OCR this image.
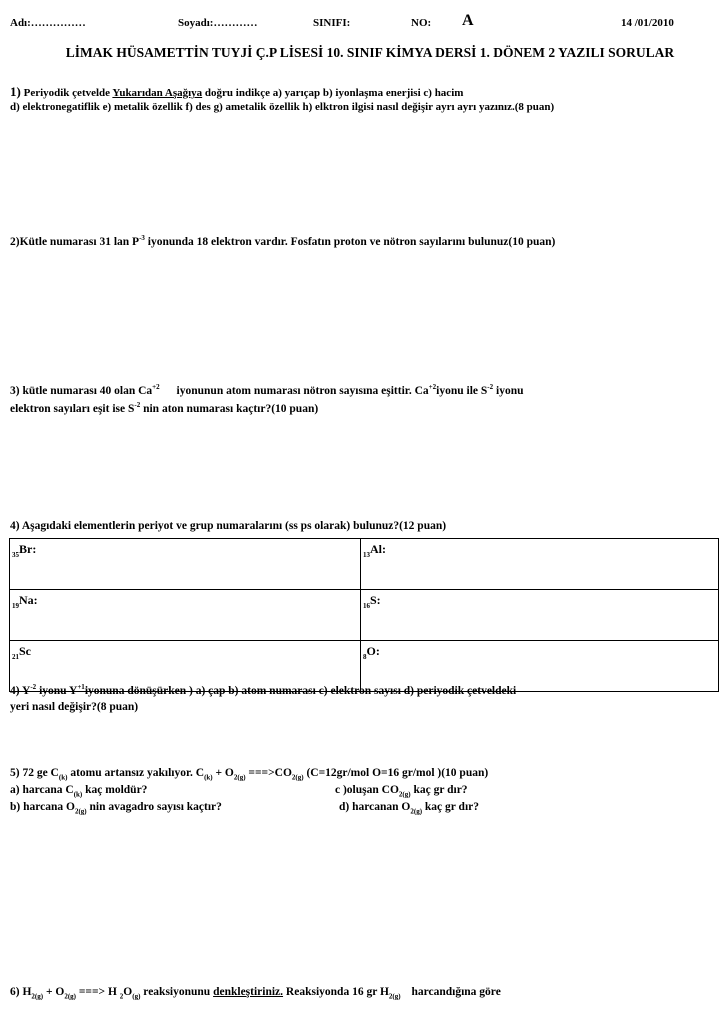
Adı:……………	Soyadı:…………	SINIFI:	NO: A	14 /01/2010
LİMAK HÜSAMETTİN TUYJİ Ç.P LİSESİ 10. SINIF KİMYA DERSİ 1. DÖNEM 2 YAZILI SORULAR
1) Periyodik çetvelde Yukarıdan Aşağıya doğru indikçe a) yarıçap b) iyonlaşma enerjisi c) hacim
d) elektronegatiflik e) metalik özellik f) des g) ametalik özellik h) elktron ilgisi nasıl değişir ayrı ayrı yazınız.(8 puan)
2)Kütle numarası 31 lan $P^{-3}$ iyonunda 18 elektron vardır. Fosfatın proton ve nötron sayılarını bulunuz(10 puan)
3) kütle numarası 40 olan $Ca^{+2}$ iyonunun atom numarası nötron sayısına eşittir. $Ca^{+2}iyonu$ ile $S^{-2}$ iyonu
elektron sayıları eşit ise $S^{-2}$ nin aton numarası kaçtır?(10 puan)
4) Aşagıdaki elementlerin periyot ve grup numaralarını (ss ps olarak) bulunuz?(12 puan)
$_{35}$Br:	$_{13}$Al:
$_{19}$Na:	$_{16}$S:
$_{21}$Sc	$_8$O:
4) $Y^{-2}$ iyonu $Y^{+1}iyonuna$ dönüşürken ) a) çap b) atom numarası c) elektron sayısı d) periyodik çetveldeki
yeri nasıl değişir?(8 puan)
5) 72 ge $C_{(k)}$ atomu artansız yakılıyor. $C_{(k)} + O_{2(g)} ===>CO_{2(g)}$ (C=12gr/mol O=16 gr/mol )(10 puan)
a) harcana $C_{(k)}$ kaç moldür?	c )oluşan $CO_{2(g)}$ kaç gr dır?
b) harcana $O_{2(g)}$ nin avagadro sayısı kaçtır?	d) harcanan $O_{2(g)}$ kaç gr dır?
6) $H_{2(g)} + O_{2(g)}$ ===> H $_2O_{(g)}$ reaksiyonunu denkleştiriniz. Reaksiyonda 16 gr $H_{2(g)}$ harcandığına göre
